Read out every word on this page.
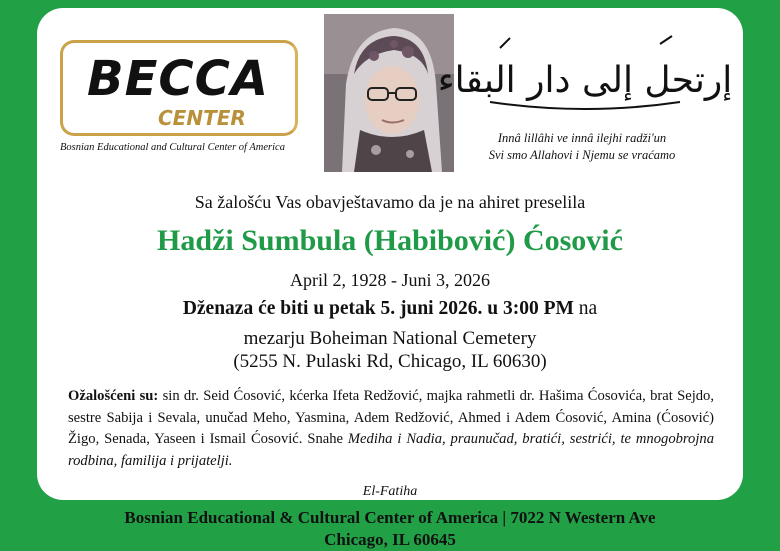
BECCA
CENTER
Bosnian Educational and Cultural Center of America
إرتحل إلى دار البقاء
Innâ lillâhi ve innâ ilejhi radži'un
Svi smo Allahovi i Njemu se vraćamo
Sa žalošću Vas obavještavamo da je na ahiret preselila
Hadži Sumbula (Habibović) Ćosović
April 2, 1928 - Juni 3, 2026
Dženaza će biti u petak 5. juni 2026. u 3:00 PM na
mezarju Boheiman National Cemetery
(5255 N. Pulaski Rd, Chicago, IL 60630)
Ožalošćeni su: sin dr. Seid Ćosović, kćerka Ifeta Redžović, majka rahmetli dr. Hašima Ćosovića, brat Sejdo, sestre Sabija i Sevala, unučad Meho, Yasmina, Adem Redžović, Ahmed i Adem Ćosović, Amina (Ćosović) Žigo, Senada, Yaseen i Ismail Ćosović. Snahe Mediha i Nadia, praunučad, bratići, sestrići, te mnogobrojna rodbina, familija i prijatelji.
El-Fatiha
Bosnian Educational & Cultural Center of America | 7022 N Western Ave
Chicago, IL 60645
